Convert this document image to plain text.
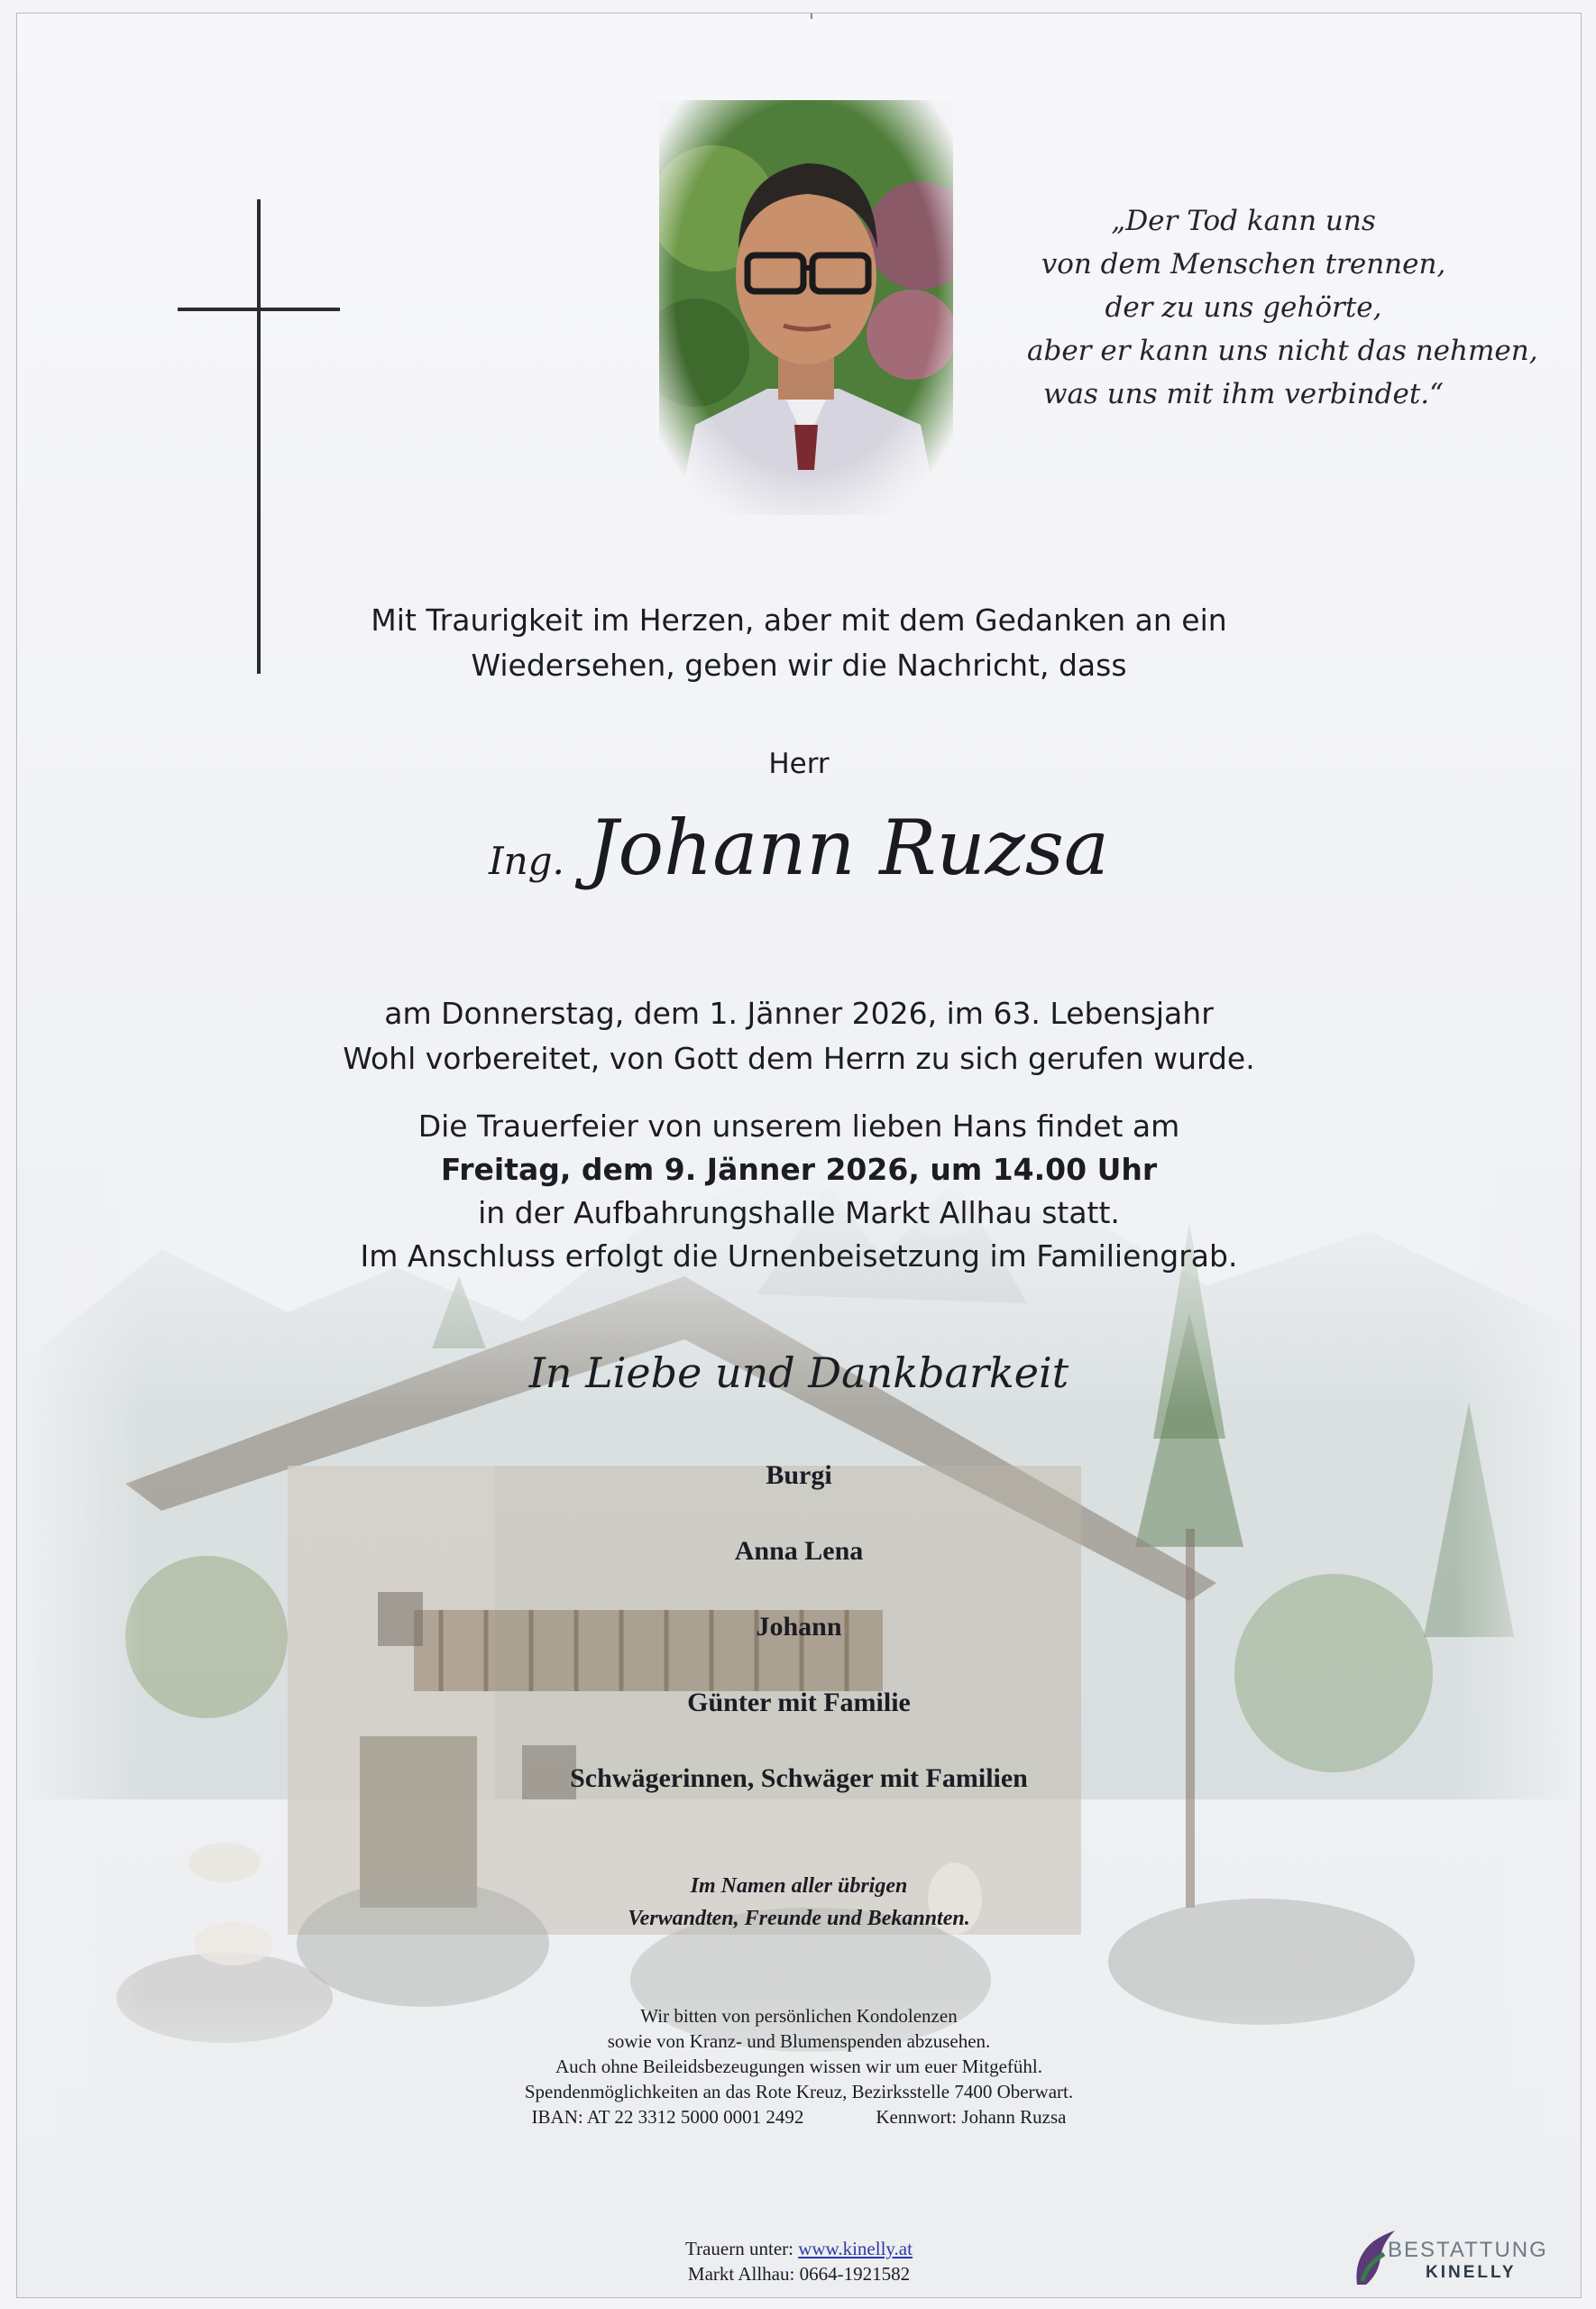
„Der Tod kann uns
von dem Menschen trennen,
der zu uns gehörte,
aber er kann uns nicht das nehmen,
was uns mit ihm verbindet.“
Mit Traurigkeit im Herzen, aber mit dem Gedanken an ein
Wiedersehen, geben wir die Nachricht, dass
Herr
Ing. Johann Ruzsa
am Donnerstag, dem 1. Jänner 2026, im 63. Lebensjahr
Wohl vorbereitet, von Gott dem Herrn zu sich gerufen wurde.
Die Trauerfeier von unserem lieben Hans findet am
Freitag, dem 9. Jänner 2026, um 14.00 Uhr
in der Aufbahrungshalle Markt Allhau statt.
Im Anschluss erfolgt die Urnenbeisetzung im Familiengrab.
In Liebe und Dankbarkeit
Burgi
Anna Lena
Johann
Günter mit Familie
Schwägerinnen, Schwäger mit Familien
Im Namen aller übrigen
Verwandten, Freunde und Bekannten.
Wir bitten von persönlichen Kondolenzen
sowie von Kranz- und Blumenspenden abzusehen.
Auch ohne Beileidsbezeugungen wissen wir um euer Mitgefühl.
Spendenmöglichkeiten an das Rote Kreuz, Bezirksstelle 7400 Oberwart.
IBAN: AT 22 3312 5000 0001 2492	Kennwort: Johann Ruzsa
Trauern unter: www.kinelly.at
Markt Allhau: 0664-1921582
BESTATTUNG
KINELLY
